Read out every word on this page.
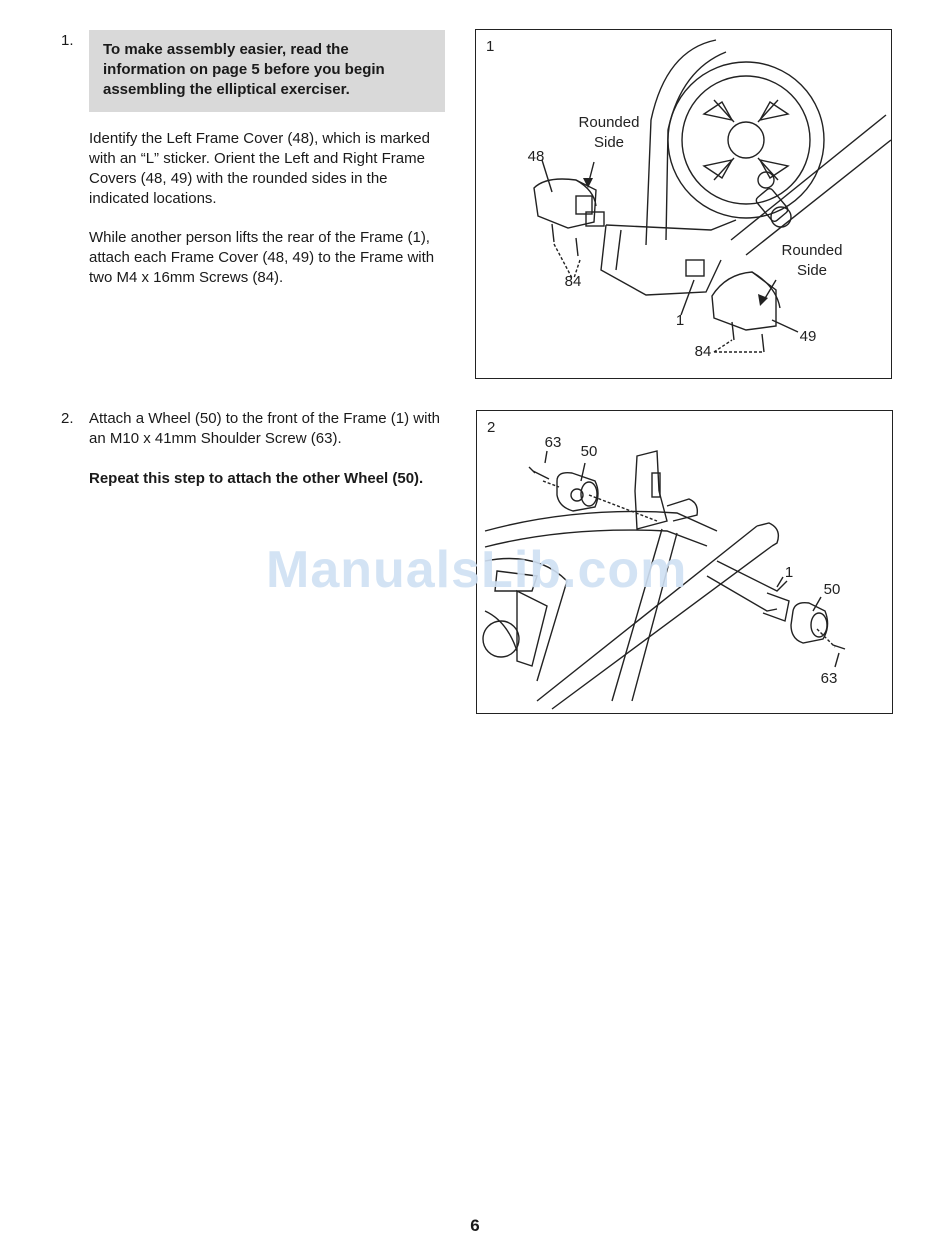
1.

To make assembly easier, read the information on page 5 before you begin assembling the elliptical exerciser.

Identify the Left Frame Cover (48), which is marked with an “L” sticker. Orient the Left and Right Frame Covers (48, 49) with the rounded sides in the indicated locations.

While another person lifts the rear of the Frame (1), attach each Frame Cover (48, 49) to the Frame with two M4 x 16mm Screws (84).

1
Rounded
Side
48
84
Rounded
Side
1
49
84
2. Attach a Wheel (50) to the front of the Frame (1) with an M10 x 41mm Shoulder Screw (63).

Repeat this step to attach the other Wheel (50).

2
63
50
1
50
63
ManualsLib.com
6
